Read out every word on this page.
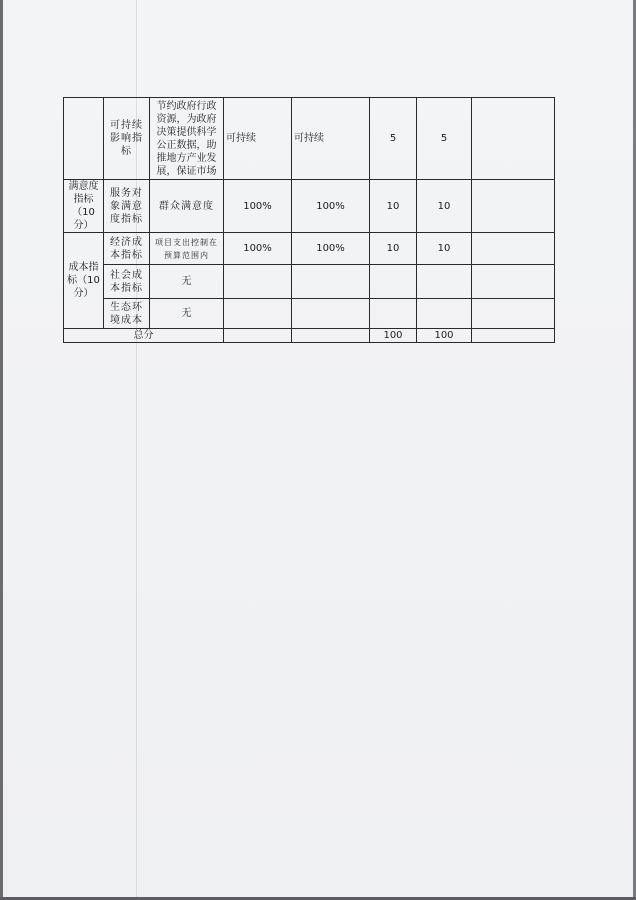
	可持续影响指标	节约政府行政资源，为政府决策提供科学公正数据，助推地方产业发展，保证市场	可持续	可持续	5	5	
满意度指标（10分）	服务对象满意度指标	群众满意度	100%	100%	10	10	
成本指标（10分）	经济成本指标	项目支出控制在预算范围内	100%	100%	10	10	
	社会成本指标	无					
	生态环境成本	无					
总分					100	100	
